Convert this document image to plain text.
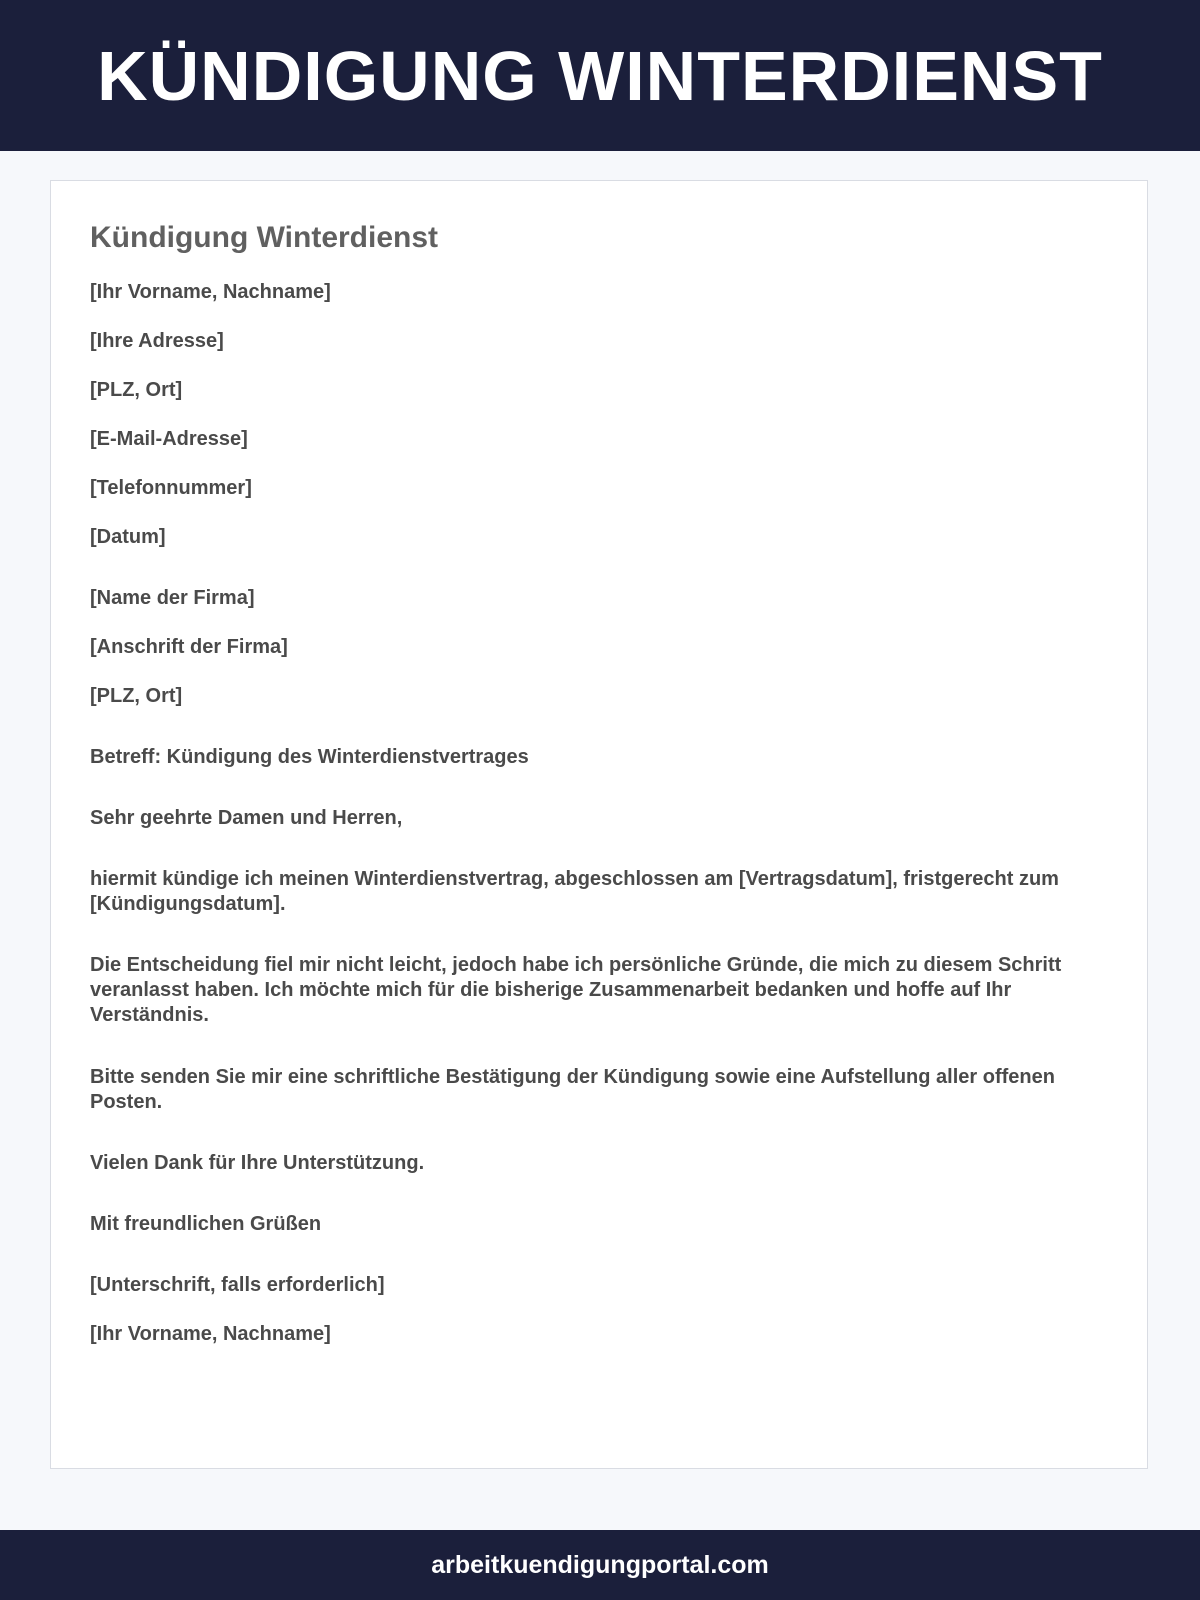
KÜNDIGUNG WINTERDIENST
Kündigung Winterdienst

[Ihr Vorname, Nachname]

[Ihre Adresse]

[PLZ, Ort]

[E-Mail-Adresse]

[Telefonnummer]

[Datum]

[Name der Firma]

[Anschrift der Firma]

[PLZ, Ort]

Betreff: Kündigung des Winterdienstvertrages

Sehr geehrte Damen und Herren,

hiermit kündige ich meinen Winterdienstvertrag, abgeschlossen am [Vertragsdatum], fristgerecht zum [Kündigungsdatum].

Die Entscheidung fiel mir nicht leicht, jedoch habe ich persönliche Gründe, die mich zu diesem Schritt veranlasst haben. Ich möchte mich für die bisherige Zusammenarbeit bedanken und hoffe auf Ihr Verständnis.

Bitte senden Sie mir eine schriftliche Bestätigung der Kündigung sowie eine Aufstellung aller offenen Posten.

Vielen Dank für Ihre Unterstützung.

Mit freundlichen Grüßen

[Unterschrift, falls erforderlich]

[Ihr Vorname, Nachname]

arbeitkuendigungportal.com
